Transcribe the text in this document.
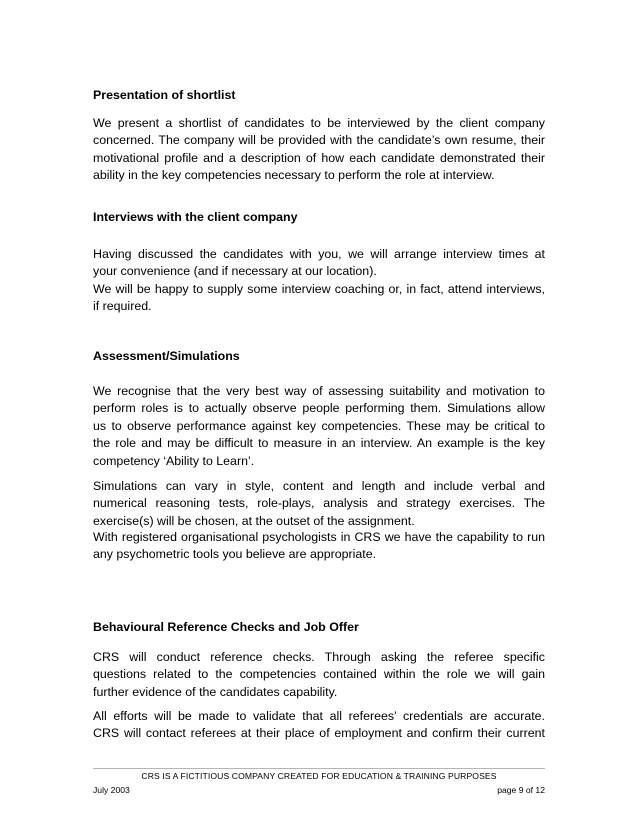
Presentation of shortlist
We present a shortlist of candidates to be interviewed by the client company
concerned. The company will be provided with the candidate’s own resume, their
motivational profile and a description of how each candidate demonstrated their
ability in the key competencies necessary to perform the role at interview.
Interviews with the client company
Having discussed the candidates with you, we will arrange interview times at
your convenience (and if necessary at our location).
We will be happy to supply some interview coaching or, in fact, attend interviews,
if required.
Assessment/Simulations
We recognise that the very best way of assessing suitability and motivation to
perform roles is to actually observe people performing them. Simulations allow
us to observe performance against key competencies. These may be critical to
the role and may be difficult to measure in an interview. An example is the key
competency ‘Ability to Learn’.
Simulations can vary in style, content and length and include verbal and
numerical reasoning tests, role-plays, analysis and strategy exercises. The
exercise(s) will be chosen, at the outset of the assignment.
With registered organisational psychologists in CRS we have the capability to run
any psychometric tools you believe are appropriate.
Behavioural Reference Checks and Job Offer
CRS will conduct reference checks. Through asking the referee specific
questions related to the competencies contained within the role we will gain
further evidence of the candidates capability.
All efforts will be made to validate that all referees’ credentials are accurate.
CRS will contact referees at their place of employment and confirm their current
CRS IS A FICTITIOUS COMPANY CREATED FOR EDUCATION & TRAINING PURPOSES
July 2003	page 9 of 12
